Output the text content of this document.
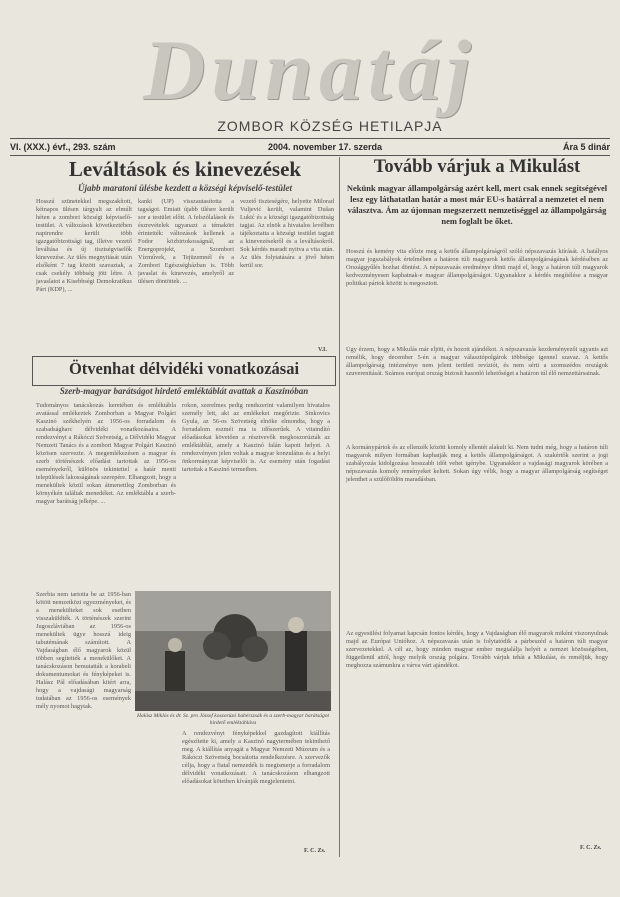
Dunatáj
ZOMBOR KÖZSÉG HETILAPJA
VI. (XXX.) évf., 293. szám	2004. november 17. szerda	Ára 5 dinár
Leváltások és kinevezések
Újabb maratoni ülésbe kezdett a községi képviselő-testület
Hosszú szünetekkel megszakított, kétnapos ülésen tárgyalt az elmúlt héten a zombori községi képviselő-testület. A változások következtében napirendre került több igazgatóbizottsági tag, illetve vezető leváltása és új tisztségviselők kinevezése. Az ülés megnyitását után elsőként 7 tag között szavaztak, a csak csekély többség jött létre. A javaslatot a Kisebbségi Demokratikus Párt (KDP), ...
kanki (UP) visszautasította a tagságot. Emiatt újabb ülésre került sor a testület előtt. A felszólalások és észrevételek ugyanazt a témakört érintették: változások kellenek a Fodor közbirtokosságnál, az Energoprojekt, a Szombori Vízművek, a Tejüzemnél és a Zombori Egészségházban is. Több javaslat és kinevezés, amelyről az ülésen döntöttek. ...
vezető tiszteségére, helyette Milorad Vuljević került, valamint Dušan Lukić és a községi igazgatóbizottság tagjai. Az elnök a hivatalos levélben tájékoztatta a községi testület tagjait a kinevezésekről és a leváltásokról. Sok kérdés maradt nyitva a vita után. Az ülés folytatására a jövő héten kerül sor.
V.I.
Ötvenhat délvidéki vonatkozásai
Szerb-magyar barátságot hirdető emléktáblát avattak a Kaszinóban
Tudományos tanácskozás keretében és emléktábla avatással emlékeztek Zomborban a Magyar Polgári Kaszinó székhelyén az 1956-os forradalom és szabadságharc délvidéki vonatkozásaira. A rendezvényt a Rákóczi Szövetség, a Délvidéki Magyar Nemzeti Tanács és a zombori Magyar Polgári Kaszinó közösen szervezte. A megemlékezésen a magyar és szerb történészek előadást tartottak az 1956-os eseményekről, különös tekintettel a határ menti települések lakosságának szerepére. Elhangzott, hogy a menekültek közül sokan átmenetileg Zomborban és környékén találtak menedéket. Az emléktábla a szerb-magyar barátság jelképe. ...
rokon, szerelmes pedig rendszerint valamilyen hivatalos személy lett, aki az emlékeket megőrizte. Sinkovics Gyula, az 56-os Szövetség elnöke elmondta, hogy a forradalom eszméi ma is időszerűek. A vitaindító előadásokat követően a résztvevők megkoszorúzták az emléktáblát, amely a Kaszinó falán kapott helyet. A rendezvényen jelen voltak a magyar konzulátus és a helyi önkormányzat képviselői is. Az esemény után fogadást tartottak a Kaszinó termeiben.
Halász Miklós és dr. Sz. pro József koszorúzó babérzzsák és a szerb-magyar barátságot hirdető emléktábláva
Szerbia nem tartotta be az 1956-ban kötött nemzetközi egyezményeket, és a menekülteket sok esetben visszaküldték. A történészek szerint Jugoszláviában az 1956-os menekültek ügye hosszú ideig tabutémának számított. A Vajdaságban élő magyarok közül többen segítették a menekülőket. A tanácskozáson bemutatták a korabeli dokumentumokat és fényképeket is. Halász Pál előadásában kitért arra, hogy a vajdasági magyarság tudatában az 1956-os események mély nyomot hagytak.
A rendezvényt fényképekkel gazdagított kiállítás egészítette ki, amely a Kaszinó nagytermében tekinthető meg. A kiállítás anyagát a Magyar Nemzeti Múzeum és a Rákóczi Szövetség bocsátotta rendelkezésre. A szervezők célja, hogy a fiatal nemzedék is megismerje a forradalom délvidéki vonatkozásait. A tanácskozáson elhangzott előadásokat kötetben kívánják megjelentetni.
F. C. Zs.
Tovább várjuk a Mikulást
Nekünk magyar állampolgárság azért kell, mert csak ennek segítségével lesz egy láthatatlan határ a most már EU-s határral a nemzetet el nem választva. Ám az újonnan megszerzett nemzetiséggel az állampolgárság nem foglalt be őket.
Hosszú és kemény vita előzte meg a kettős állampolgárságról szóló népszavazás kiírását. A hatályos magyar jogszabályok értelmében a határon túli magyarok kettős állampolgárságának kérdésében az Országgyűlés hozhat döntést. A népszavazás eredménye dönti majd el, hogy a határon túli magyarok kedvezményesen kaphatnak-e magyar állampolgárságot. Ugyanakkor a kérdés megítélése a magyar politikai pártok között is megosztott.
Úgy érzem, hogy a Mikulás már eljött, és hozott ajándékot. A népszavazás kezdeményezői ugyanis azt remélik, hogy december 5-én a magyar választópolgárok többsége igennel szavaz. A kettős állampolgárság intézménye nem jelent területi revíziót, és nem sérti a szomszédos országok szuverenitását. Számos európai ország biztosít hasonló lehetőséget a határon túl élő nemzettársainak.
A kormánypártok és az ellenzék között komoly ellentét alakult ki. Nem tudni még, hogy a határon túli magyarok milyen formában kaphatják meg a kettős állampolgárságot. A szakértők szerint a jogi szabályozás kidolgozása hosszabb időt vehet igénybe. Ugyanakkor a vajdasági magyarok körében a népszavazás komoly reményeket keltett. Sokan úgy vélik, hogy a magyar állampolgárság segítséget jelenthet a szülőföldön maradásban.
Az egyesülési folyamat kapcsán fontos kérdés, hogy a Vajdaságban élő magyarok miként viszonyulnak majd az Európai Unióhoz. A népszavazás után is folytatódik a párbeszéd a határon túli magyar szervezetekkel. A cél az, hogy minden magyar ember megtalálja helyét a nemzet közösségében, függetlenül attól, hogy melyik ország polgára. Tovább várjuk tehát a Mikulást, és reméljük, hogy meghozza számunkra a várva várt ajándékot.
F. C. Zs.
